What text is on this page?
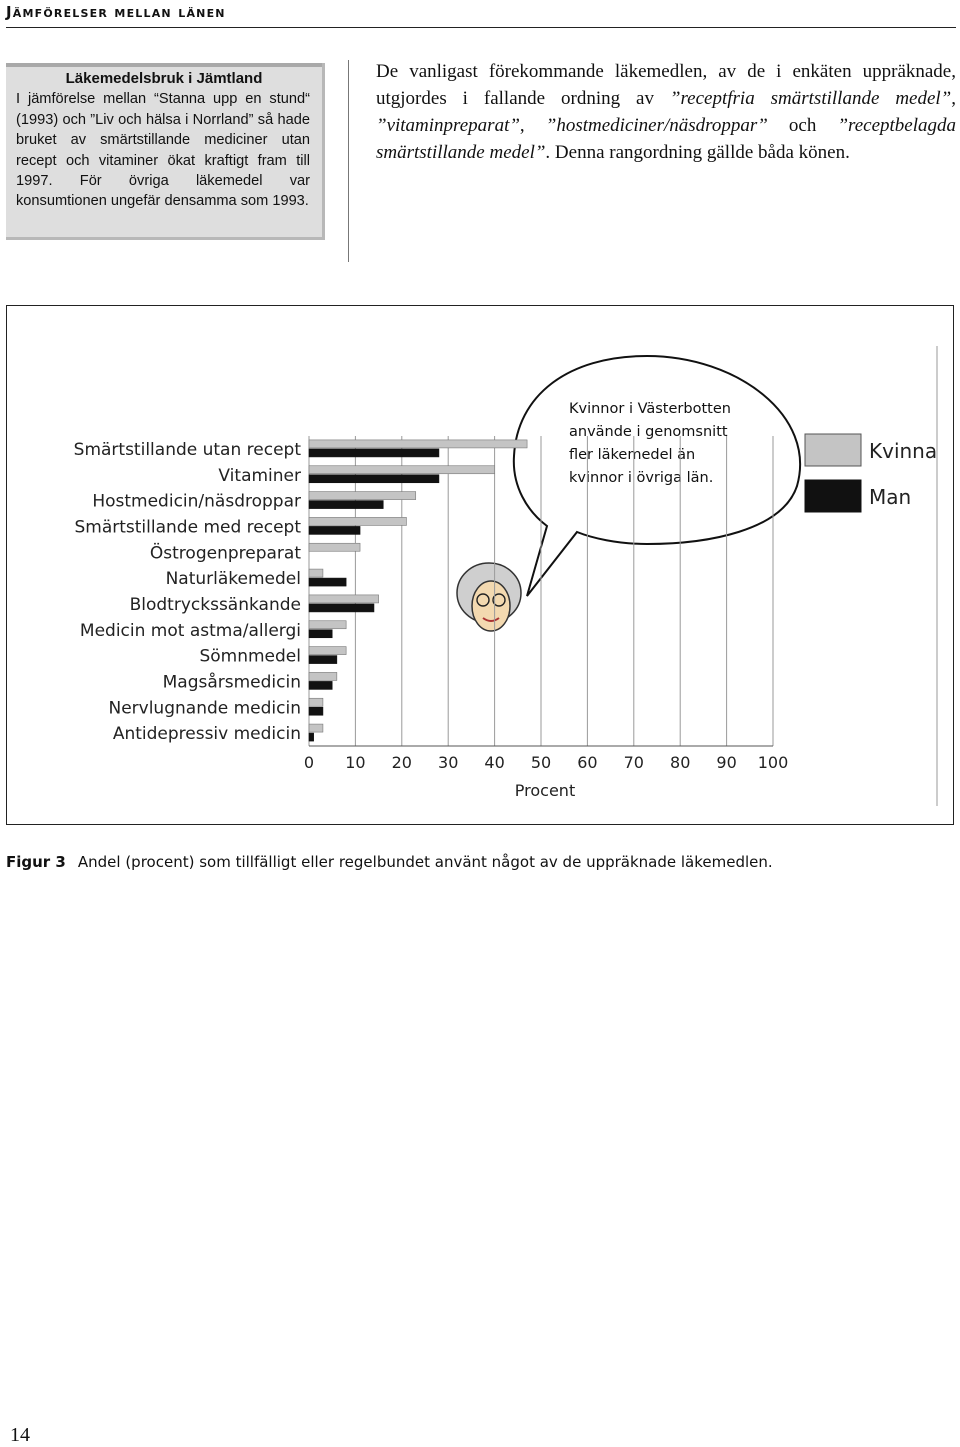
Jämförelser mellan länen
Läkemedelsbruk i Jämtland
I jämförelse mellan “Stanna upp en stund“ (1993) och ”Liv och hälsa i Norrland” så hade bruket av smärtstillande mediciner utan recept och vitaminer ökat kraftigt fram till 1997. För övriga läkemedel var konsumtionen ungefär densamma som 1993.
De vanligast förekommande läkemedlen, av de i enkäten uppräknade, utgjordes i fallande ordning av ”receptfria smärtstillande medel”, ”vitaminpreparat”, ”hostmediciner/näsdroppar” och ”receptbelagda smärtstillande medel”. Denna rangordning gällde båda könen.
Kvinnor i Västerbotten
använde i genomsnitt
fler läkemedel än
kvinnor i övriga län.
Kvinna
Man
Smärtstillande utan recept
Vitaminer
Hostmedicin/näsdroppar
Smärtstillande med recept
Östrogenpreparat
Naturläkemedel
Blodtryckssänkande
Medicin mot astma/allergi
Sömnmedel
Magsårsmedicin
Nervlugnande medicin
Antidepressiv medicin
0 10 20 30 40 50 60 70 80 90 100
Procent
Figur 3 Andel (procent) som tillfälligt eller regelbundet använt något av de uppräknade läkemedlen.
14
